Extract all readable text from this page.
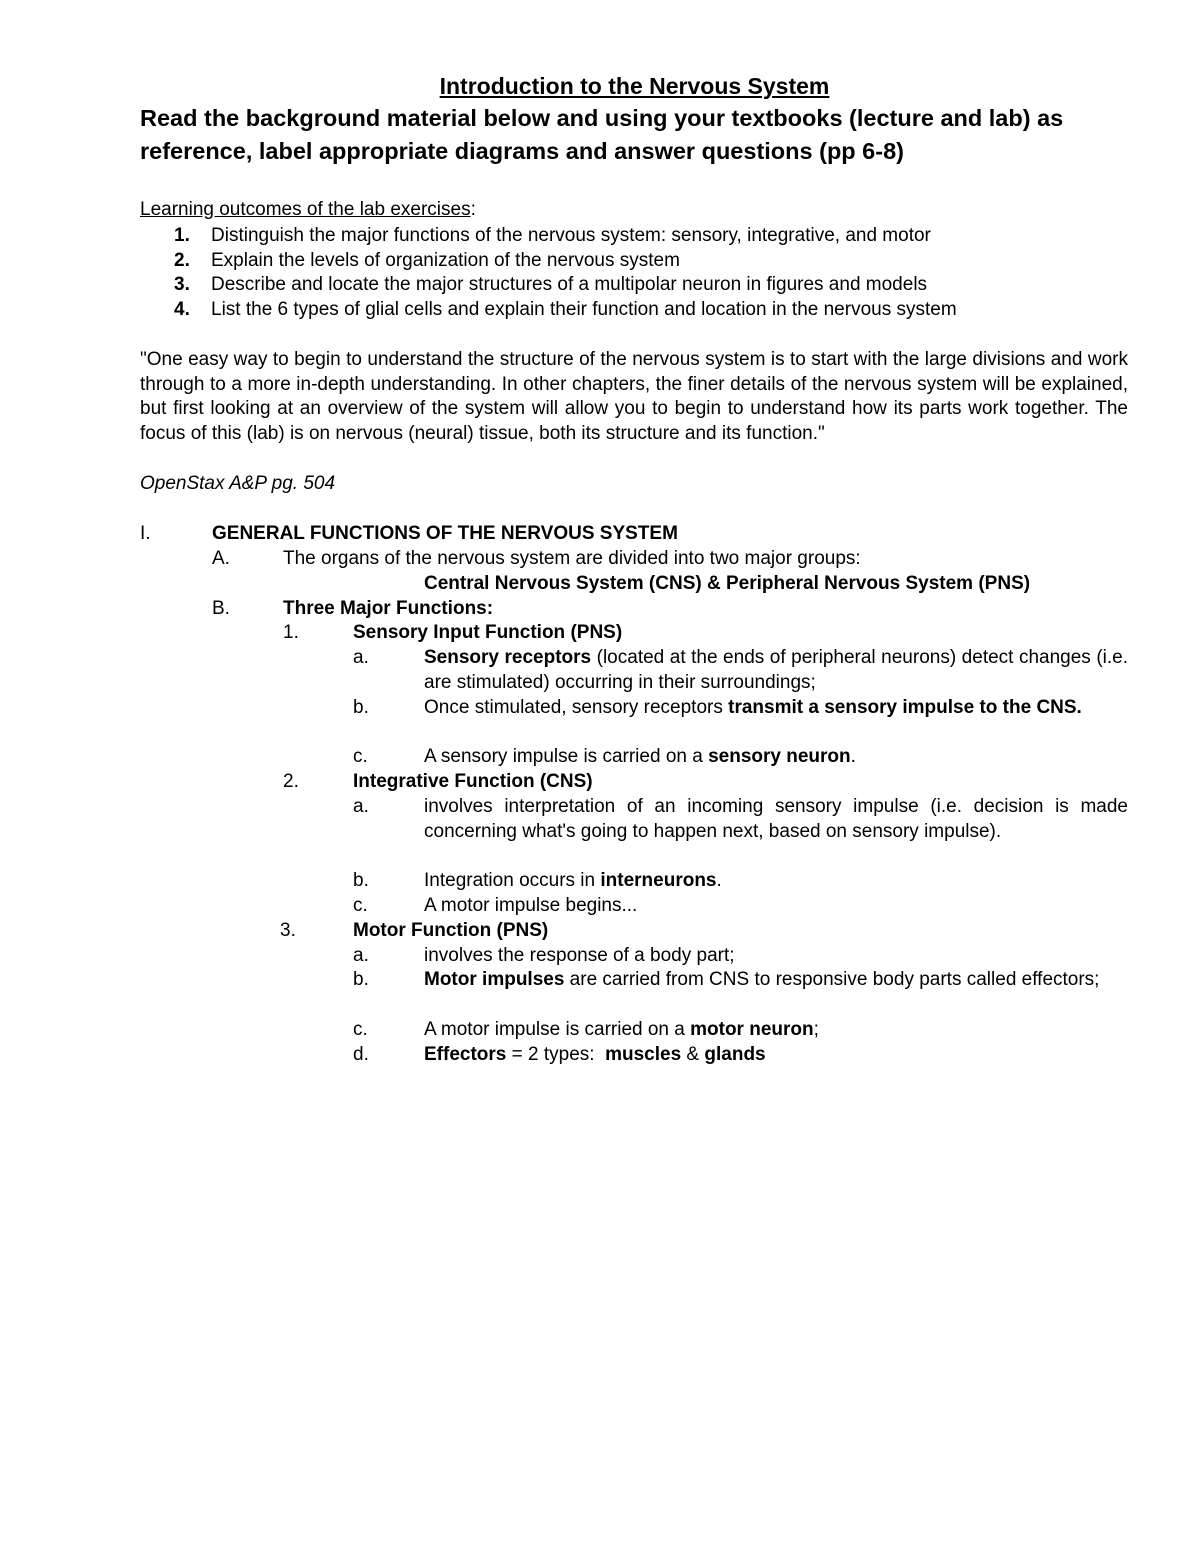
Introduction to the Nervous System
Read the background material below and using your textbooks (lecture and lab) as reference, label appropriate diagrams and answer questions (pp 6-8)
Learning outcomes of the lab exercises:
1. Distinguish the major functions of the nervous system: sensory, integrative, and motor
2. Explain the levels of organization of the nervous system
3. Describe and locate the major structures of a multipolar neuron in figures and models
4. List the 6 types of glial cells and explain their function and location in the nervous system
"One easy way to begin to understand the structure of the nervous system is to start with the large divisions and work through to a more in-depth understanding. In other chapters, the finer details of the nervous system will be explained, but first looking at an overview of the system will allow you to begin to understand how its parts work together. The focus of this (lab) is on nervous (neural) tissue, both its structure and its function."
OpenStax A&P pg. 504
I.	GENERAL FUNCTIONS OF THE NERVOUS SYSTEM
A.	The organs of the nervous system are divided into two major groups:
Central Nervous System (CNS) & Peripheral Nervous System (PNS)
B.	Three Major Functions:
1.	Sensory Input Function (PNS)
a.	Sensory receptors (located at the ends of peripheral neurons) detect changes (i.e. are stimulated) occurring in their surroundings;
b.	Once stimulated, sensory receptors transmit a sensory impulse to the CNS.
c.	A sensory impulse is carried on a sensory neuron.
2.	Integrative Function (CNS)
a.	involves interpretation of an incoming sensory impulse (i.e. decision is made concerning what's going to happen next, based on sensory impulse).
b.	Integration occurs in interneurons.
c.	A motor impulse begins...
3.	Motor Function (PNS)
a.	involves the response of a body part;
b.	Motor impulses are carried from CNS to responsive body parts called effectors;
c.	A motor impulse is carried on a motor neuron;
d.	Effectors = 2 types:  muscles & glands
